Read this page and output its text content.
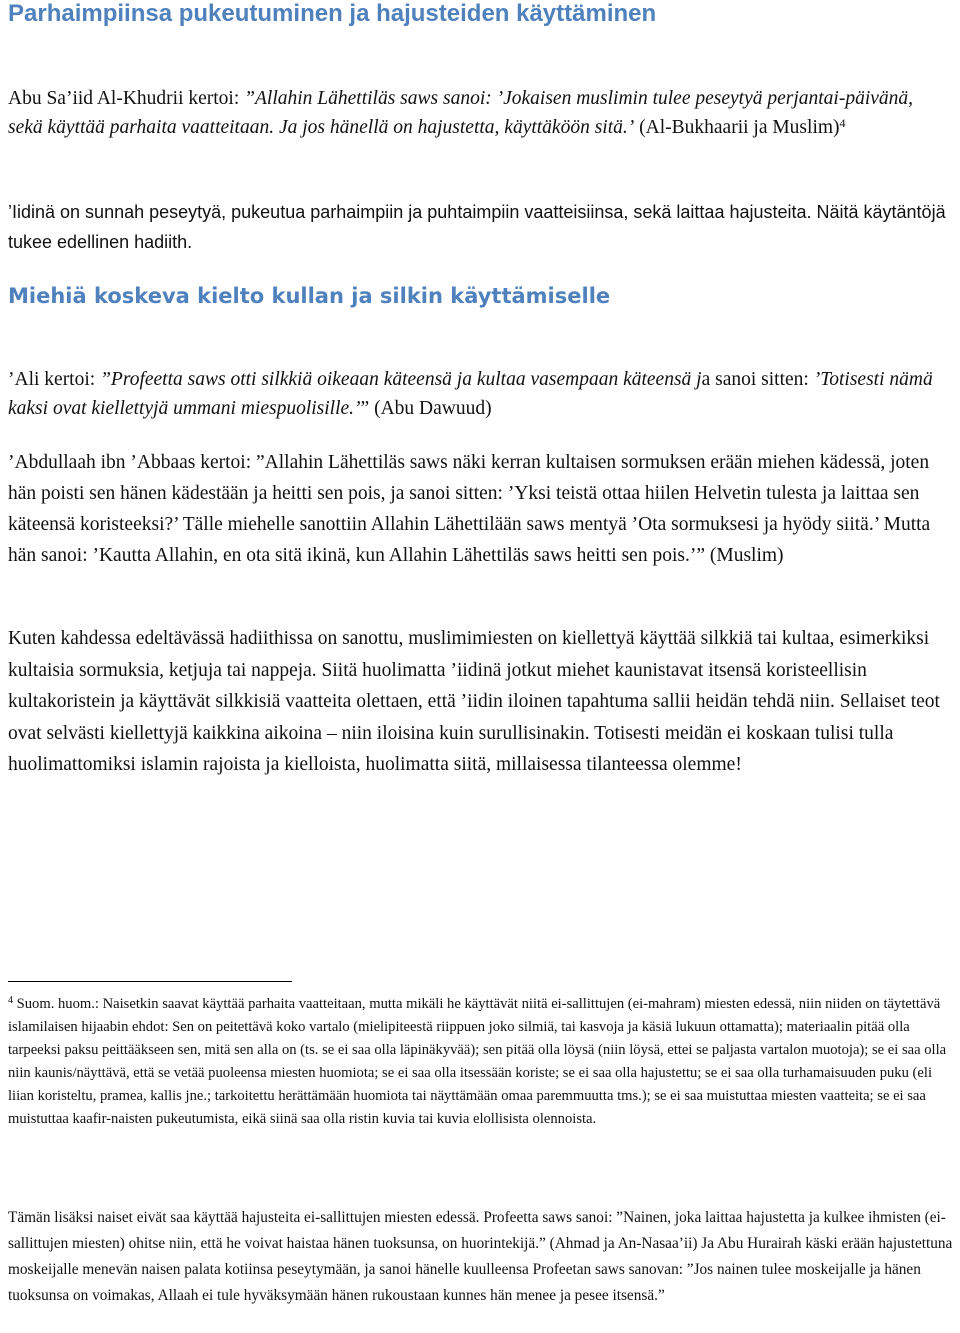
Parhaimpiinsa pukeutuminen ja hajusteiden käyttäminen
Abu Sa’iid Al-Khudrii kertoi: ”Allahin Lähettiläs saws sanoi: ’Jokaisen muslimin tulee peseytyä perjantai-päivänä, sekä käyttää parhaita vaatteitaan. Ja jos hänellä on hajustetta, käyttäköön sitä.’ (Al-Bukhaarii ja Muslim)$^4$
’Iidinä on sunnah peseytyä, pukeutua parhaimpiin ja puhtaimpiin vaatteisiinsa, sekä laittaa hajusteita. Näitä käytäntöjä tukee edellinen hadiith.
Miehiä koskeva kielto kullan ja silkin käyttämiselle
’Ali kertoi: ”Profeetta saws otti silkkiä oikeaan käteensä ja kultaa vasempaan käteensä ja sanoi sitten: ’Totisesti nämä kaksi ovat kiellettyjä ummani miespuolisille.’” (Abu Dawuud)
’Abdullaah ibn ’Abbaas kertoi: ”Allahin Lähettiläs saws näki kerran kultaisen sormuksen erään miehen kädessä, joten hän poisti sen hänen kädestään ja heitti sen pois, ja sanoi sitten: ’Yksi teistä ottaa hiilen Helvetin tulesta ja laittaa sen käteensä koristeeksi?’ Tälle miehelle sanottiin Allahin Lähettilään saws mentyä ’Ota sormuksesi ja hyödy siitä.’ Mutta hän sanoi: ’Kautta Allahin, en ota sitä ikinä, kun Allahin Lähettiläs saws heitti sen pois.’” (Muslim)
Kuten kahdessa edeltävässä hadiithissa on sanottu, muslimimiesten on kiellettyä käyttää silkkiä tai kultaa, esimerkiksi kultaisia sormuksia, ketjuja tai nappeja. Siitä huolimatta ’iidinä jotkut miehet kaunistavat itsensä koristeellisin kultakoristein ja käyttävät silkkisiä vaatteita olettaen, että ’iidin iloinen tapahtuma sallii heidän tehdä niin. Sellaiset teot ovat selvästi kiellettyjä kaikkina aikoina – niin iloisina kuin surullisinakin. Totisesti meidän ei koskaan tulisi tulla huolimattomiksi islamin rajoista ja kielloista, huolimatta siitä, millaisessa tilanteessa olemme!
$^4$ Suom. huom.: Naisetkin saavat käyttää parhaita vaatteitaan, mutta mikäli he käyttävät niitä ei-sallittujen (ei-mahram) miesten edessä, niin niiden on täytettävä islamilaisen hijaabin ehdot: Sen on peitettävä koko vartalo (mielipiteestä riippuen joko silmiä, tai kasvoja ja käsiä lukuun ottamatta); materiaalin pitää olla tarpeeksi paksu peittääkseen sen, mitä sen alla on (ts. se ei saa olla läpinäkyvää); sen pitää olla löysä (niin löysä, ettei se paljasta vartalon muotoja); se ei saa olla niin kaunis/näyttävä, että se vetää puoleensa miesten huomiota; se ei saa olla itsessään koriste; se ei saa olla hajustettu; se ei saa olla turhamaisuuden puku (eli liian koristeltu, pramea, kallis jne.; tarkoitettu herättämään huomiota tai näyttämään omaa paremmuutta tms.); se ei saa muistuttaa miesten vaatteita; se ei saa muistuttaa kaafir-naisten pukeutumista, eikä siinä saa olla ristin kuvia tai kuvia elollisista olennoista.
Tämän lisäksi naiset eivät saa käyttää hajusteita ei-sallittujen miesten edessä. Profeetta saws sanoi: ”Nainen, joka laittaa hajustetta ja kulkee ihmisten (ei-sallittujen miesten) ohitse niin, että he voivat haistaa hänen tuoksunsa, on huorintekijä.” (Ahmad ja An-Nasaa’ii) Ja Abu Hurairah käski erään hajustettuna moskeijalle menevän naisen palata kotiinsa peseytymään, ja sanoi hänelle kuulleensa Profeetan saws sanovan: ”Jos nainen tulee moskeijalle ja hänen tuoksunsa on voimakas, Allaah ei tule hyväksymään hänen rukoustaan kunnes hän menee ja pesee itsensä.”
